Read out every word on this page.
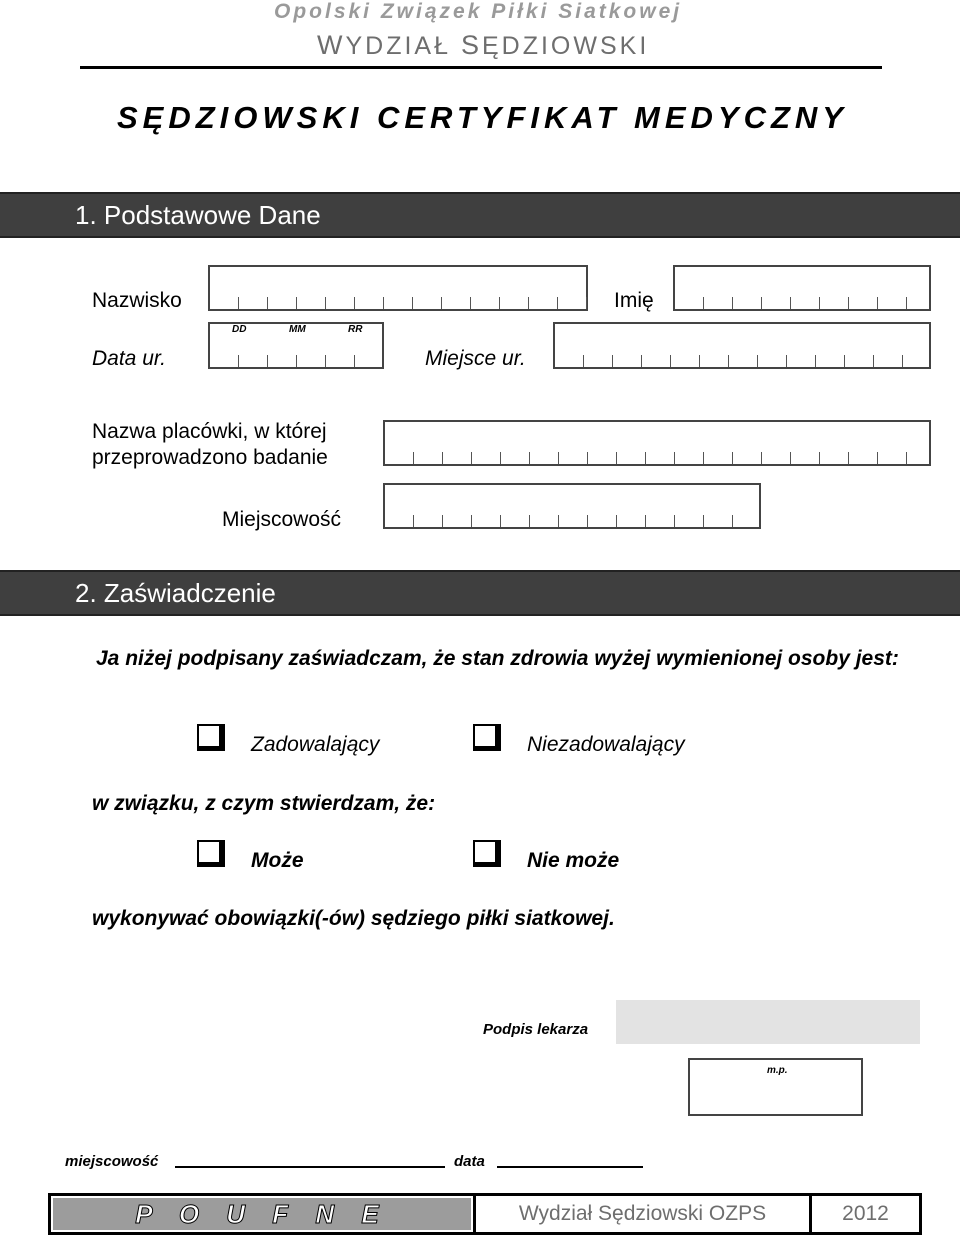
Opolski Związek Piłki Siatkowej
WYDZIAŁ SĘDZIOWSKI
SĘDZIOWSKI CERTYFIKAT MEDYCZNY
1. Podstawowe Dane
Nazwisko	Imię
Data ur.
DD	MM	RR
Miejsce ur.
Nazwa placówki, w której
przeprowadzono badanie
Miejscowość
2. Zaświadczenie
Ja niżej podpisany zaświadczam, że stan zdrowia wyżej wymienionej osoby jest:
Zadowalający	Niezadowalający
w związku, z czym stwierdzam, że:
Może	Nie może
wykonywać obowiązki(-ów) sędziego piłki siatkowej.
Podpis lekarza
m.p.
miejscowość	data
P O U F N E	Wydział Sędziowski OZPS	2012
